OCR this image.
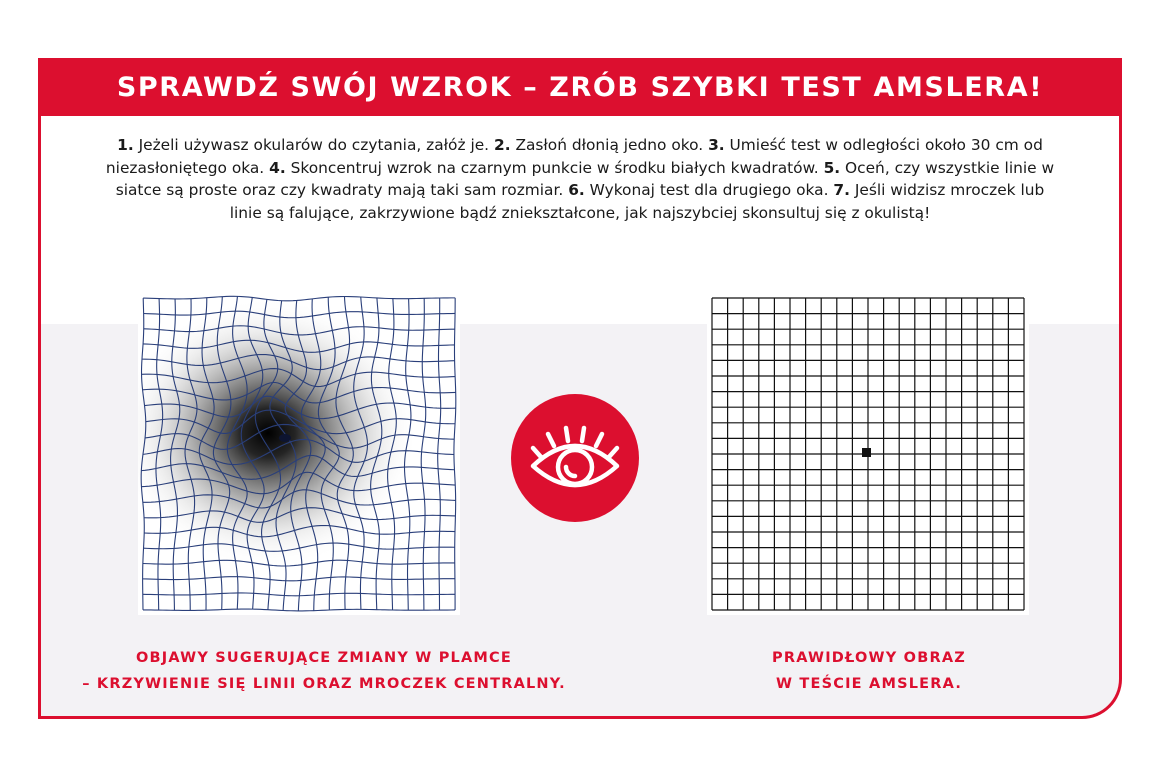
SPRAWDŹ SWÓJ WZROK – ZRÓB SZYBKI TEST AMSLERA!
1. Jeżeli używasz okularów do czytania, załóż je. 2. Zasłoń dłonią jedno oko. 3. Umieść test w odległości około 30 cm od niezasłoniętego oka. 4. Skoncentruj wzrok na czarnym punkcie w środku białych kwadratów. 5. Oceń, czy wszystkie linie w siatce są proste oraz czy kwadraty mają taki sam rozmiar. 6. Wykonaj test dla drugiego oka. 7. Jeśli widzisz mroczek lub linie są falujące, zakrzywione bądź zniekształcone, jak najszybciej skonsultuj się z okulistą!
OBJAWY SUGERUJĄCE ZMIANY W PLAMCE
– KRZYWIENIE SIĘ LINII ORAZ MROCZEK CENTRALNY.
PRAWIDŁOWY OBRAZ
W TEŚCIE AMSLERA.
